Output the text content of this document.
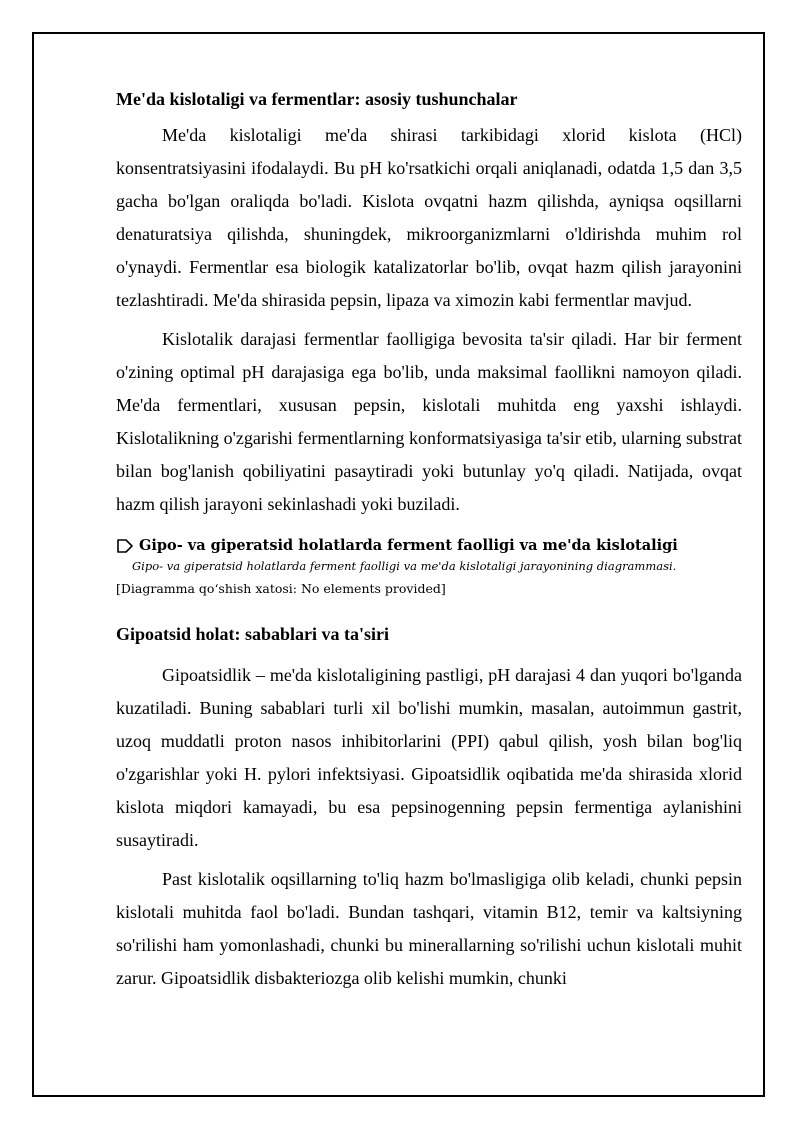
Me'da kislotaligi va fermentlar: asosiy tushunchalar

Me'da kislotaligi me'da shirasi tarkibidagi xlorid kislota (HCl) konsentratsiyasini ifodalaydi. Bu pH ko'rsatkichi orqali aniqlanadi, odatda 1,5 dan 3,5 gacha bo'lgan oraliqda bo'ladi. Kislota ovqatni hazm qilishda, ayniqsa oqsillarni denaturatsiya qilishda, shuningdek, mikroorganizmlarni o'ldirishda muhim rol o'ynaydi. Fermentlar esa biologik katalizatorlar bo'lib, ovqat hazm qilish jarayonini tezlashtiradi. Me'da shirasida pepsin, lipaza va ximozin kabi fermentlar mavjud.

Kislotalik darajasi fermentlar faolligiga bevosita ta'sir qiladi. Har bir ferment o'zining optimal pH darajasiga ega bo'lib, unda maksimal faollikni namoyon qiladi. Me'da fermentlari, xususan pepsin, kislotali muhitda eng yaxshi ishlaydi. Kislotalikning o'zgarishi fermentlarning konformatsiyasiga ta'sir etib, ularning substrat bilan bog'lanish qobiliyatini pasaytiradi yoki butunlay yo'q qiladi. Natijada, ovqat hazm qilish jarayoni sekinlashadi yoki buziladi.

Gipo- va giperatsid holatlarda ferment faolligi va me'da kislotaligi
Gipo- va giperatsid holatlarda ferment faolligi va me'da kislotaligi jarayonining diagrammasi.
[Diagramma qo‘shish xatosi: No elements provided]
Gipoatsid holat: sabablari va ta'siri

Gipoatsidlik – me'da kislotaligining pastligi, pH darajasi 4 dan yuqori bo'lganda kuzatiladi. Buning sabablari turli xil bo'lishi mumkin, masalan, autoimmun gastrit, uzoq muddatli proton nasos inhibitorlarini (PPI) qabul qilish, yosh bilan bog'liq o'zgarishlar yoki H. pylori infektsiyasi. Gipoatsidlik oqibatida me'da shirasida xlorid kislota miqdori kamayadi, bu esa pepsinogenning pepsin fermentiga aylanishini susaytiradi.

Past kislotalik oqsillarning to'liq hazm bo'lmasligiga olib keladi, chunki pepsin kislotali muhitda faol bo'ladi. Bundan tashqari, vitamin B12, temir va kaltsiyning so'rilishi ham yomonlashadi, chunki bu minerallarning so'rilishi uchun kislotali muhit zarur. Gipoatsidlik disbakteriozga olib kelishi mumkin, chunki
